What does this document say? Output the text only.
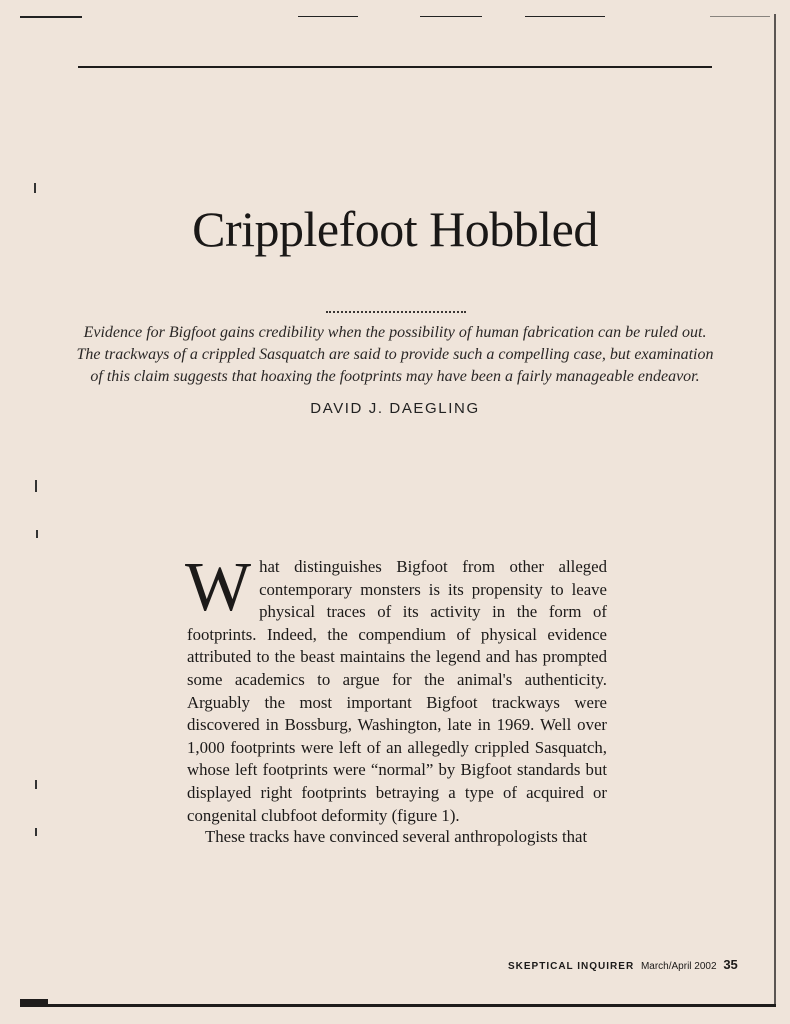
Cripplefoot Hobbled

Evidence for Bigfoot gains credibility when the possibility of human fabrication can be ruled out. The trackways of a crippled Sasquatch are said to provide such a compelling case, but examination of this claim suggests that hoaxing the footprints may have been a fairly manageable endeavor.

DAVID J. DAEGLING

What distinguishes Bigfoot from other alleged contemporary monsters is its propensity to leave physical traces of its activity in the form of footprints. Indeed, the compendium of physical evidence attributed to the beast maintains the legend and has prompted some academics to argue for the animal's authenticity. Arguably the most important Bigfoot trackways were discovered in Bossburg, Washington, late in 1969. Well over 1,000 footprints were left of an allegedly crippled Sasquatch, whose left footprints were “normal” by Bigfoot standards but displayed right footprints betraying a type of acquired or congenital clubfoot deformity (figure 1).

These tracks have convinced several anthropologists that

SKEPTICAL INQUIRER March/April 2002 35
